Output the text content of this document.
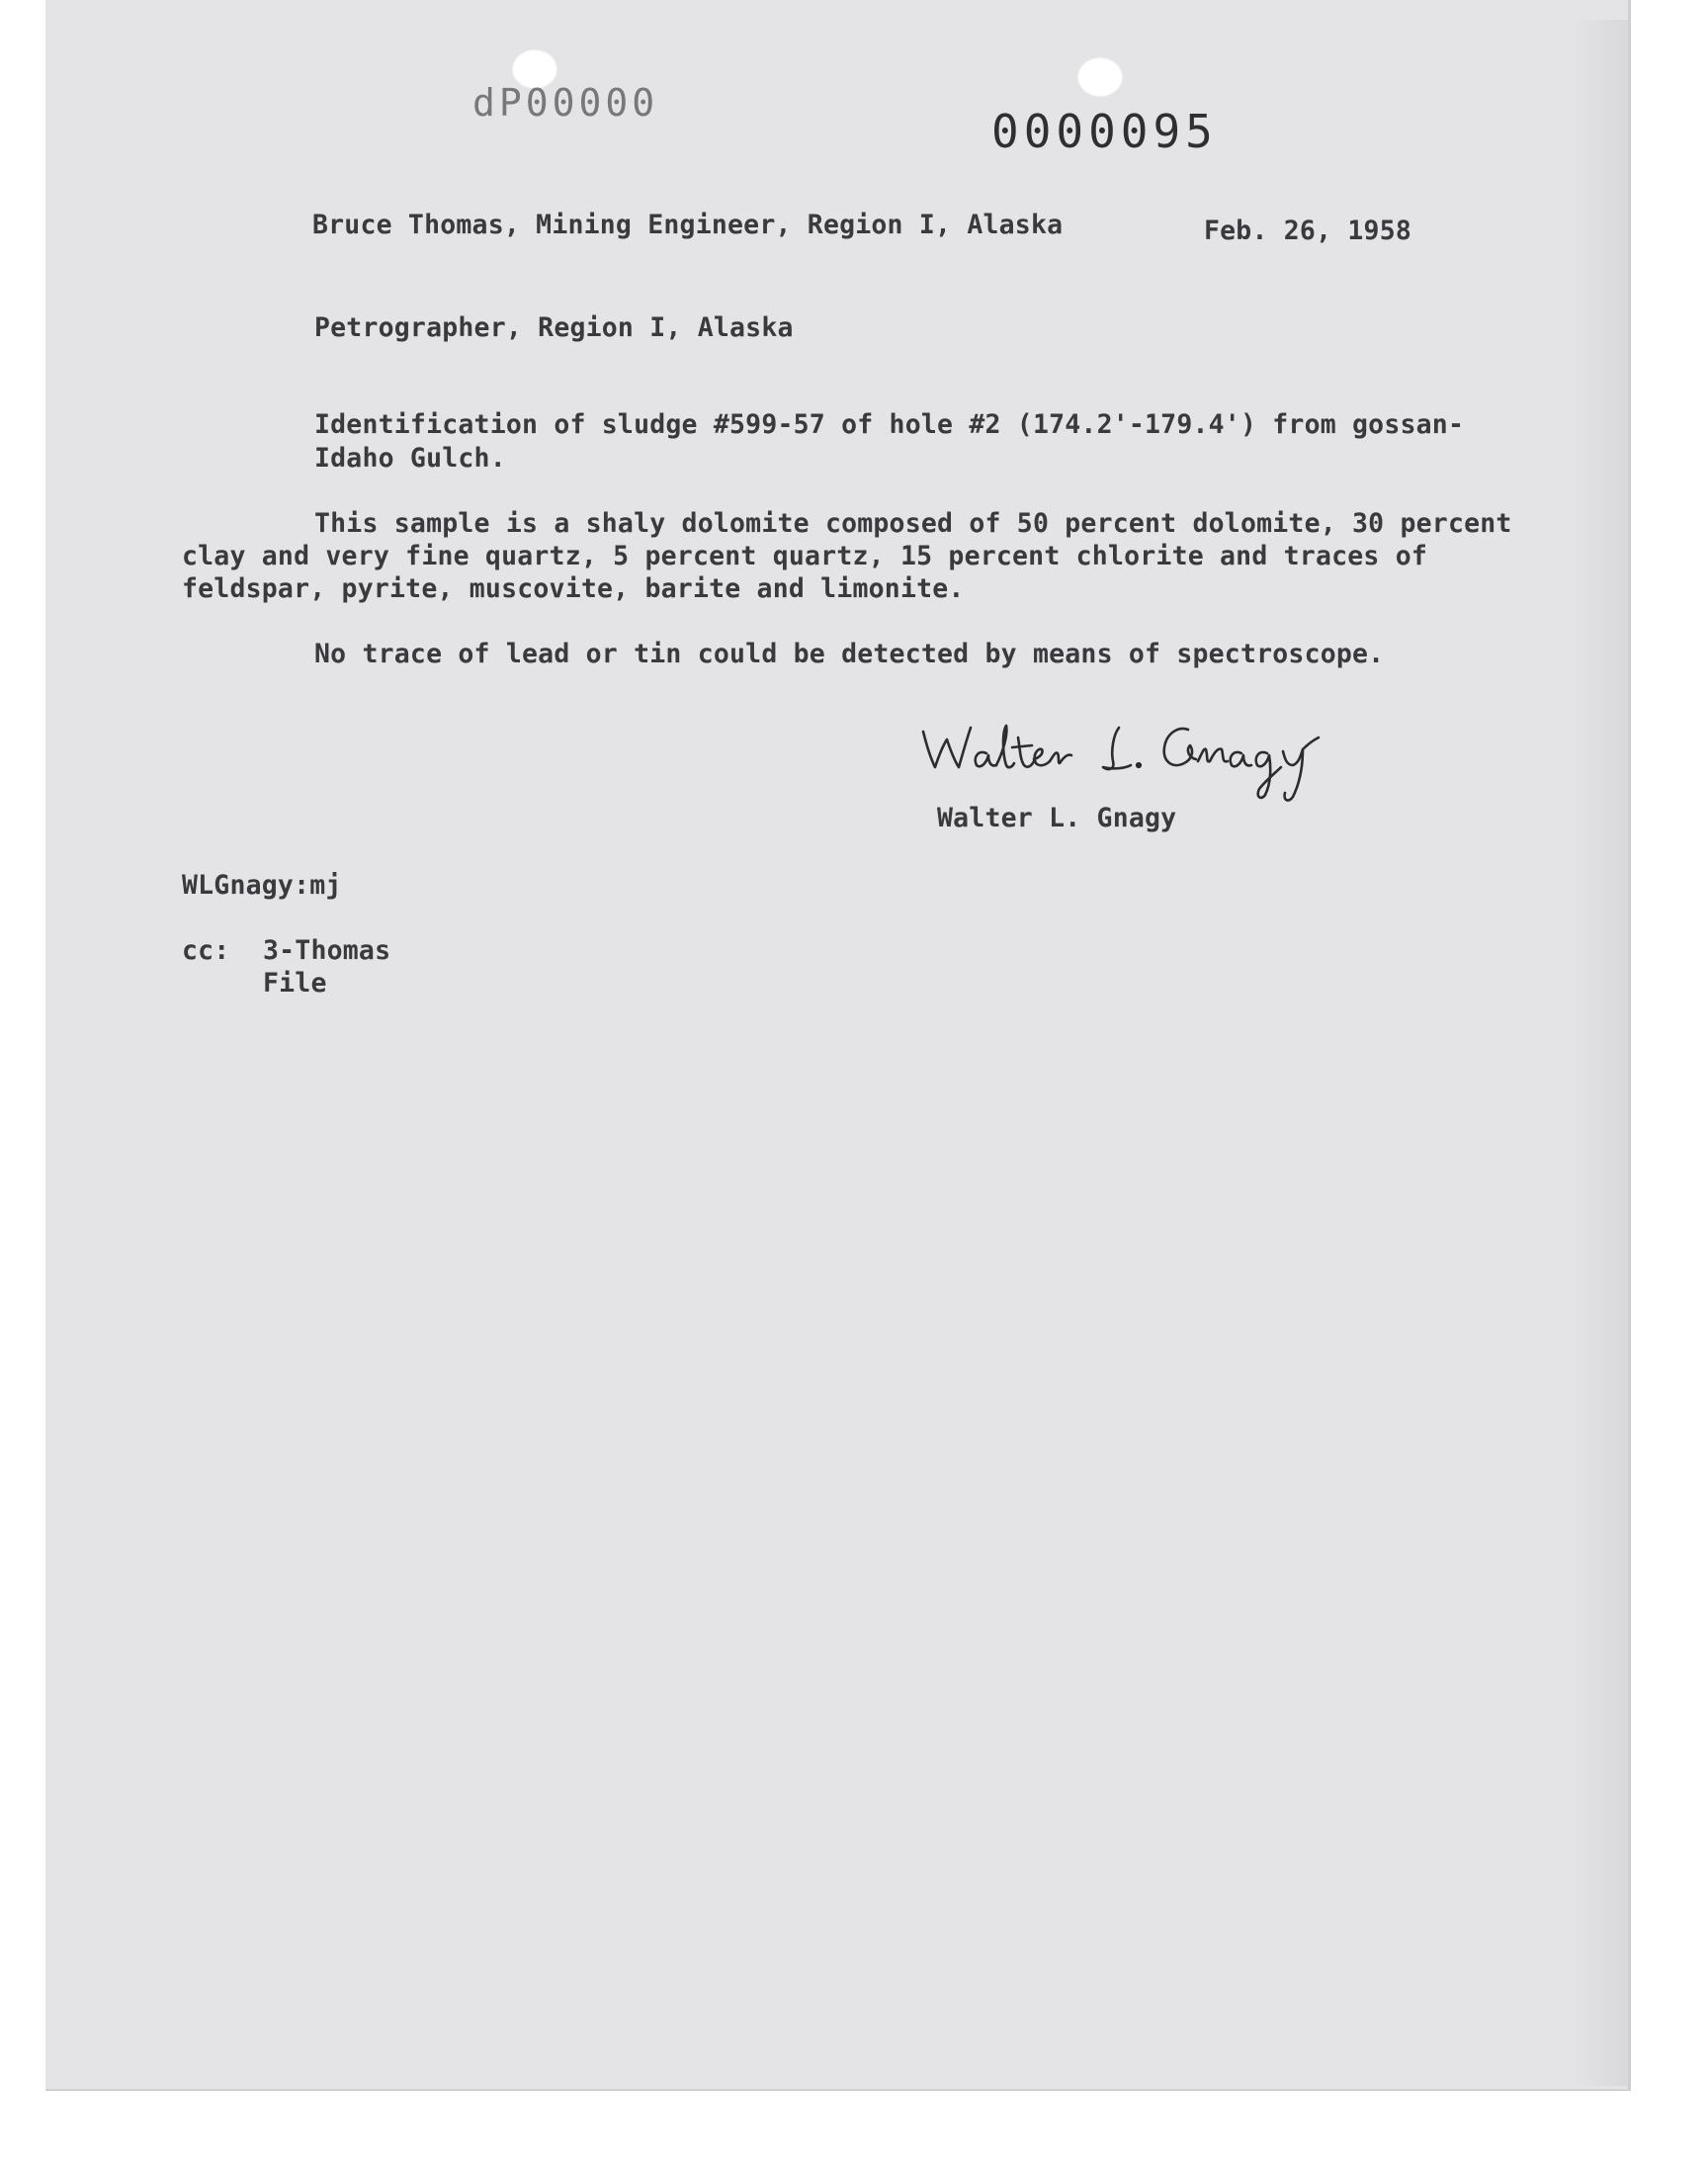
dP00000
0000095
Bruce Thomas, Mining Engineer, Region I, Alaska	Feb. 26, 1958
Petrographer, Region I, Alaska
Identification of sludge #599-57 of hole #2 (174.2'-179.4') from gossan-
Idaho Gulch.
This sample is a shaly dolomite composed of 50 percent dolomite, 30 percent
clay and very fine quartz, 5 percent quartz, 15 percent chlorite and traces of
feldspar, pyrite, muscovite, barite and limonite.
No trace of lead or tin could be detected by means of spectroscope.
Walter L. Gnagy
WLGnagy:mj
cc: 3-Thomas
File
